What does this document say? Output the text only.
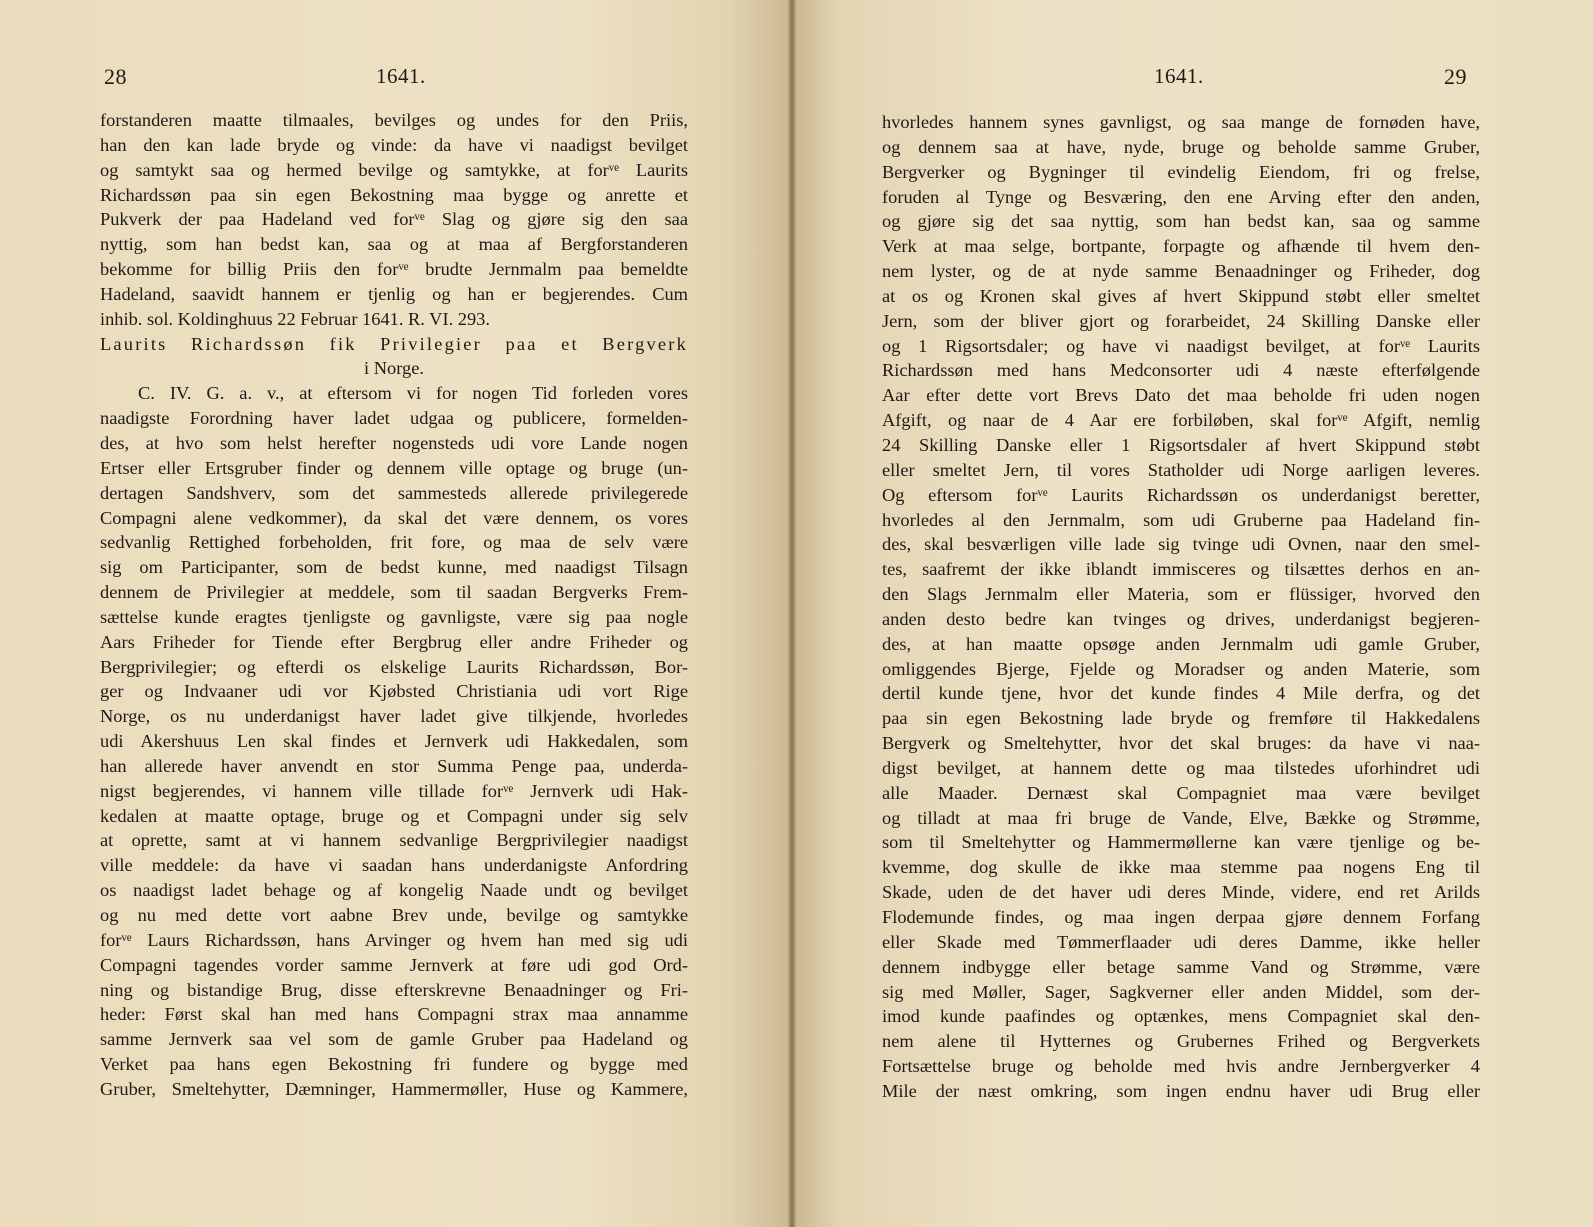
28	1641.
forstanderen maatte tilmaales, bevilges og undes for den Priis,
han den kan lade bryde og vinde: da have vi naadigst bevilget
og samtykt saa og hermed bevilge og samtykke, at forᵛᵉ Laurits
Richardssøn paa sin egen Bekostning maa bygge og anrette et
Pukverk der paa Hadeland ved forᵛᵉ Slag og gjøre sig den saa
nyttig, som han bedst kan, saa og at maa af Bergforstanderen
bekomme for billig Priis den forᵛᵉ brudte Jernmalm paa bemeldte
Hadeland, saavidt hannem er tjenlig og han er begjerendes. Cum
inhib. sol. Koldinghuus 22 Februar 1641. R. VI. 293.
Laurits Richardssøn fik Privilegier paa et Bergverk
i Norge.
C. IV. G. a. v., at eftersom vi for nogen Tid forleden vores
naadigste Forordning haver ladet udgaa og publicere, formelden-
des, at hvo som helst herefter nogensteds udi vore Lande nogen
Ertser eller Ertsgruber finder og dennem ville optage og bruge (un-
dertagen Sandshverv, som det sammesteds allerede privilegerede
Compagni alene vedkommer), da skal det være dennem, os vores
sedvanlig Rettighed forbeholden, frit fore, og maa de selv være
sig om Participanter, som de bedst kunne, med naadigst Tilsagn
dennem de Privilegier at meddele, som til saadan Bergverks Frem-
sættelse kunde eragtes tjenligste og gavnligste, være sig paa nogle
Aars Friheder for Tiende efter Bergbrug eller andre Friheder og
Bergprivilegier; og efterdi os elskelige Laurits Richardssøn, Bor-
ger og Indvaaner udi vor Kjøbsted Christiania udi vort Rige
Norge, os nu underdanigst haver ladet give tilkjende, hvorledes
udi Akershuus Len skal findes et Jernverk udi Hakkedalen, som
han allerede haver anvendt en stor Summa Penge paa, underda-
nigst begjerendes, vi hannem ville tillade forᵛᵉ Jernverk udi Hak-
kedalen at maatte optage, bruge og et Compagni under sig selv
at oprette, samt at vi hannem sedvanlige Bergprivilegier naadigst
ville meddele: da have vi saadan hans underdanigste Anfordring
os naadigst ladet behage og af kongelig Naade undt og bevilget
og nu med dette vort aabne Brev unde, bevilge og samtykke
forᵛᵉ Laurs Richardssøn, hans Arvinger og hvem han med sig udi
Compagni tagendes vorder samme Jernverk at føre udi god Ord-
ning og bistandige Brug, disse efterskrevne Benaadninger og Fri-
heder: Først skal han med hans Compagni strax maa annamme
samme Jernverk saa vel som de gamle Gruber paa Hadeland og
Verket paa hans egen Bekostning fri fundere og bygge med
Gruber, Smeltehytter, Dæmninger, Hammermøller, Huse og Kammere,
1641.	29
hvorledes hannem synes gavnligst, og saa mange de fornøden have,
og dennem saa at have, nyde, bruge og beholde samme Gruber,
Bergverker og Bygninger til evindelig Eiendom, fri og frelse,
foruden al Tynge og Besværing, den ene Arving efter den anden,
og gjøre sig det saa nyttig, som han bedst kan, saa og samme
Verk at maa selge, bortpante, forpagte og afhænde til hvem den-
nem lyster, og de at nyde samme Benaadninger og Friheder, dog
at os og Kronen skal gives af hvert Skippund støbt eller smeltet
Jern, som der bliver gjort og forarbeidet, 24 Skilling Danske eller
og 1 Rigsortsdaler; og have vi naadigst bevilget, at forᵛᵉ Laurits
Richardssøn med hans Medconsorter udi 4 næste efterfølgende
Aar efter dette vort Brevs Dato det maa beholde fri uden nogen
Afgift, og naar de 4 Aar ere forbiløben, skal forᵛᵉ Afgift, nemlig
24 Skilling Danske eller 1 Rigsortsdaler af hvert Skippund støbt
eller smeltet Jern, til vores Statholder udi Norge aarligen leveres.
Og eftersom forᵛᵉ Laurits Richardssøn os underdanigst beretter,
hvorledes al den Jernmalm, som udi Gruberne paa Hadeland fin-
des, skal besværligen ville lade sig tvinge udi Ovnen, naar den smel-
tes, saafremt der ikke iblandt immisceres og tilsættes derhos en an-
den Slags Jernmalm eller Materia, som er flüssiger, hvorved den
anden desto bedre kan tvinges og drives, underdanigst begjeren-
des, at han maatte opsøge anden Jernmalm udi gamle Gruber,
omliggendes Bjerge, Fjelde og Moradser og anden Materie, som
dertil kunde tjene, hvor det kunde findes 4 Mile derfra, og det
paa sin egen Bekostning lade bryde og fremføre til Hakkedalens
Bergverk og Smeltehytter, hvor det skal bruges: da have vi naa-
digst bevilget, at hannem dette og maa tilstedes uforhindret udi
alle Maader. Dernæst skal Compagniet maa være bevilget
og tilladt at maa fri bruge de Vande, Elve, Bække og Strømme,
som til Smeltehytter og Hammermøllerne kan være tjenlige og be-
kvemme, dog skulle de ikke maa stemme paa nogens Eng til
Skade, uden de det haver udi deres Minde, videre, end ret Arilds
Flodemunde findes, og maa ingen derpaa gjøre dennem Forfang
eller Skade med Tømmerflaader udi deres Damme, ikke heller
dennem indbygge eller betage samme Vand og Strømme, være
sig med Møller, Sager, Sagkverner eller anden Middel, som der-
imod kunde paafindes og optænkes, mens Compagniet skal den-
nem alene til Hytternes og Grubernes Frihed og Bergverkets
Fortsættelse bruge og beholde med hvis andre Jernbergverker 4
Mile der næst omkring, som ingen endnu haver udi Brug eller
